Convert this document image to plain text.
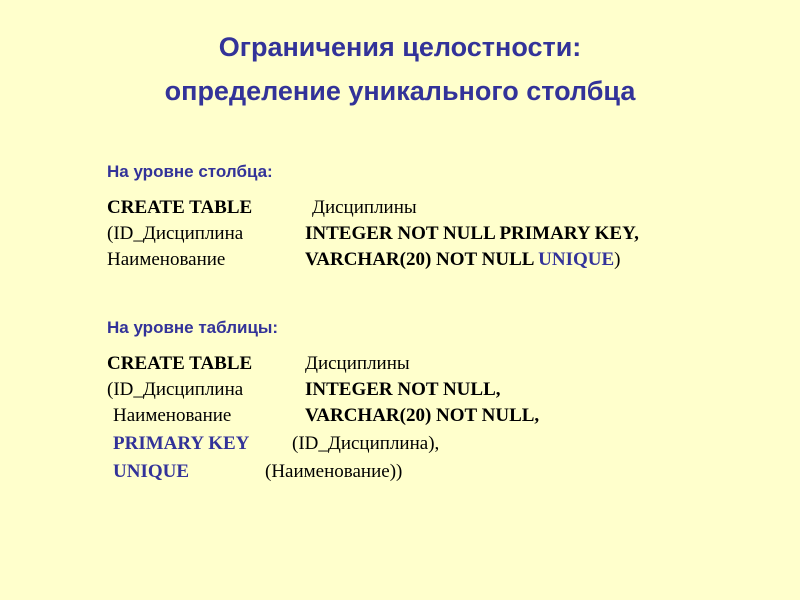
Ограничения целостности:
определение уникального столбца
На уровне столбца:
CREATE TABLE	Дисциплины
(ID_Дисциплина	INTEGER NOT NULL PRIMARY KEY,
Наименование	VARCHAR(20) NOT NULL UNIQUE)
На уровне таблицы:
CREATE TABLE	Дисциплины
(ID_Дисциплина	INTEGER NOT NULL,
Наименование	VARCHAR(20) NOT NULL,
PRIMARY KEY (ID_Дисциплина),
UNIQUE	(Наименование))
